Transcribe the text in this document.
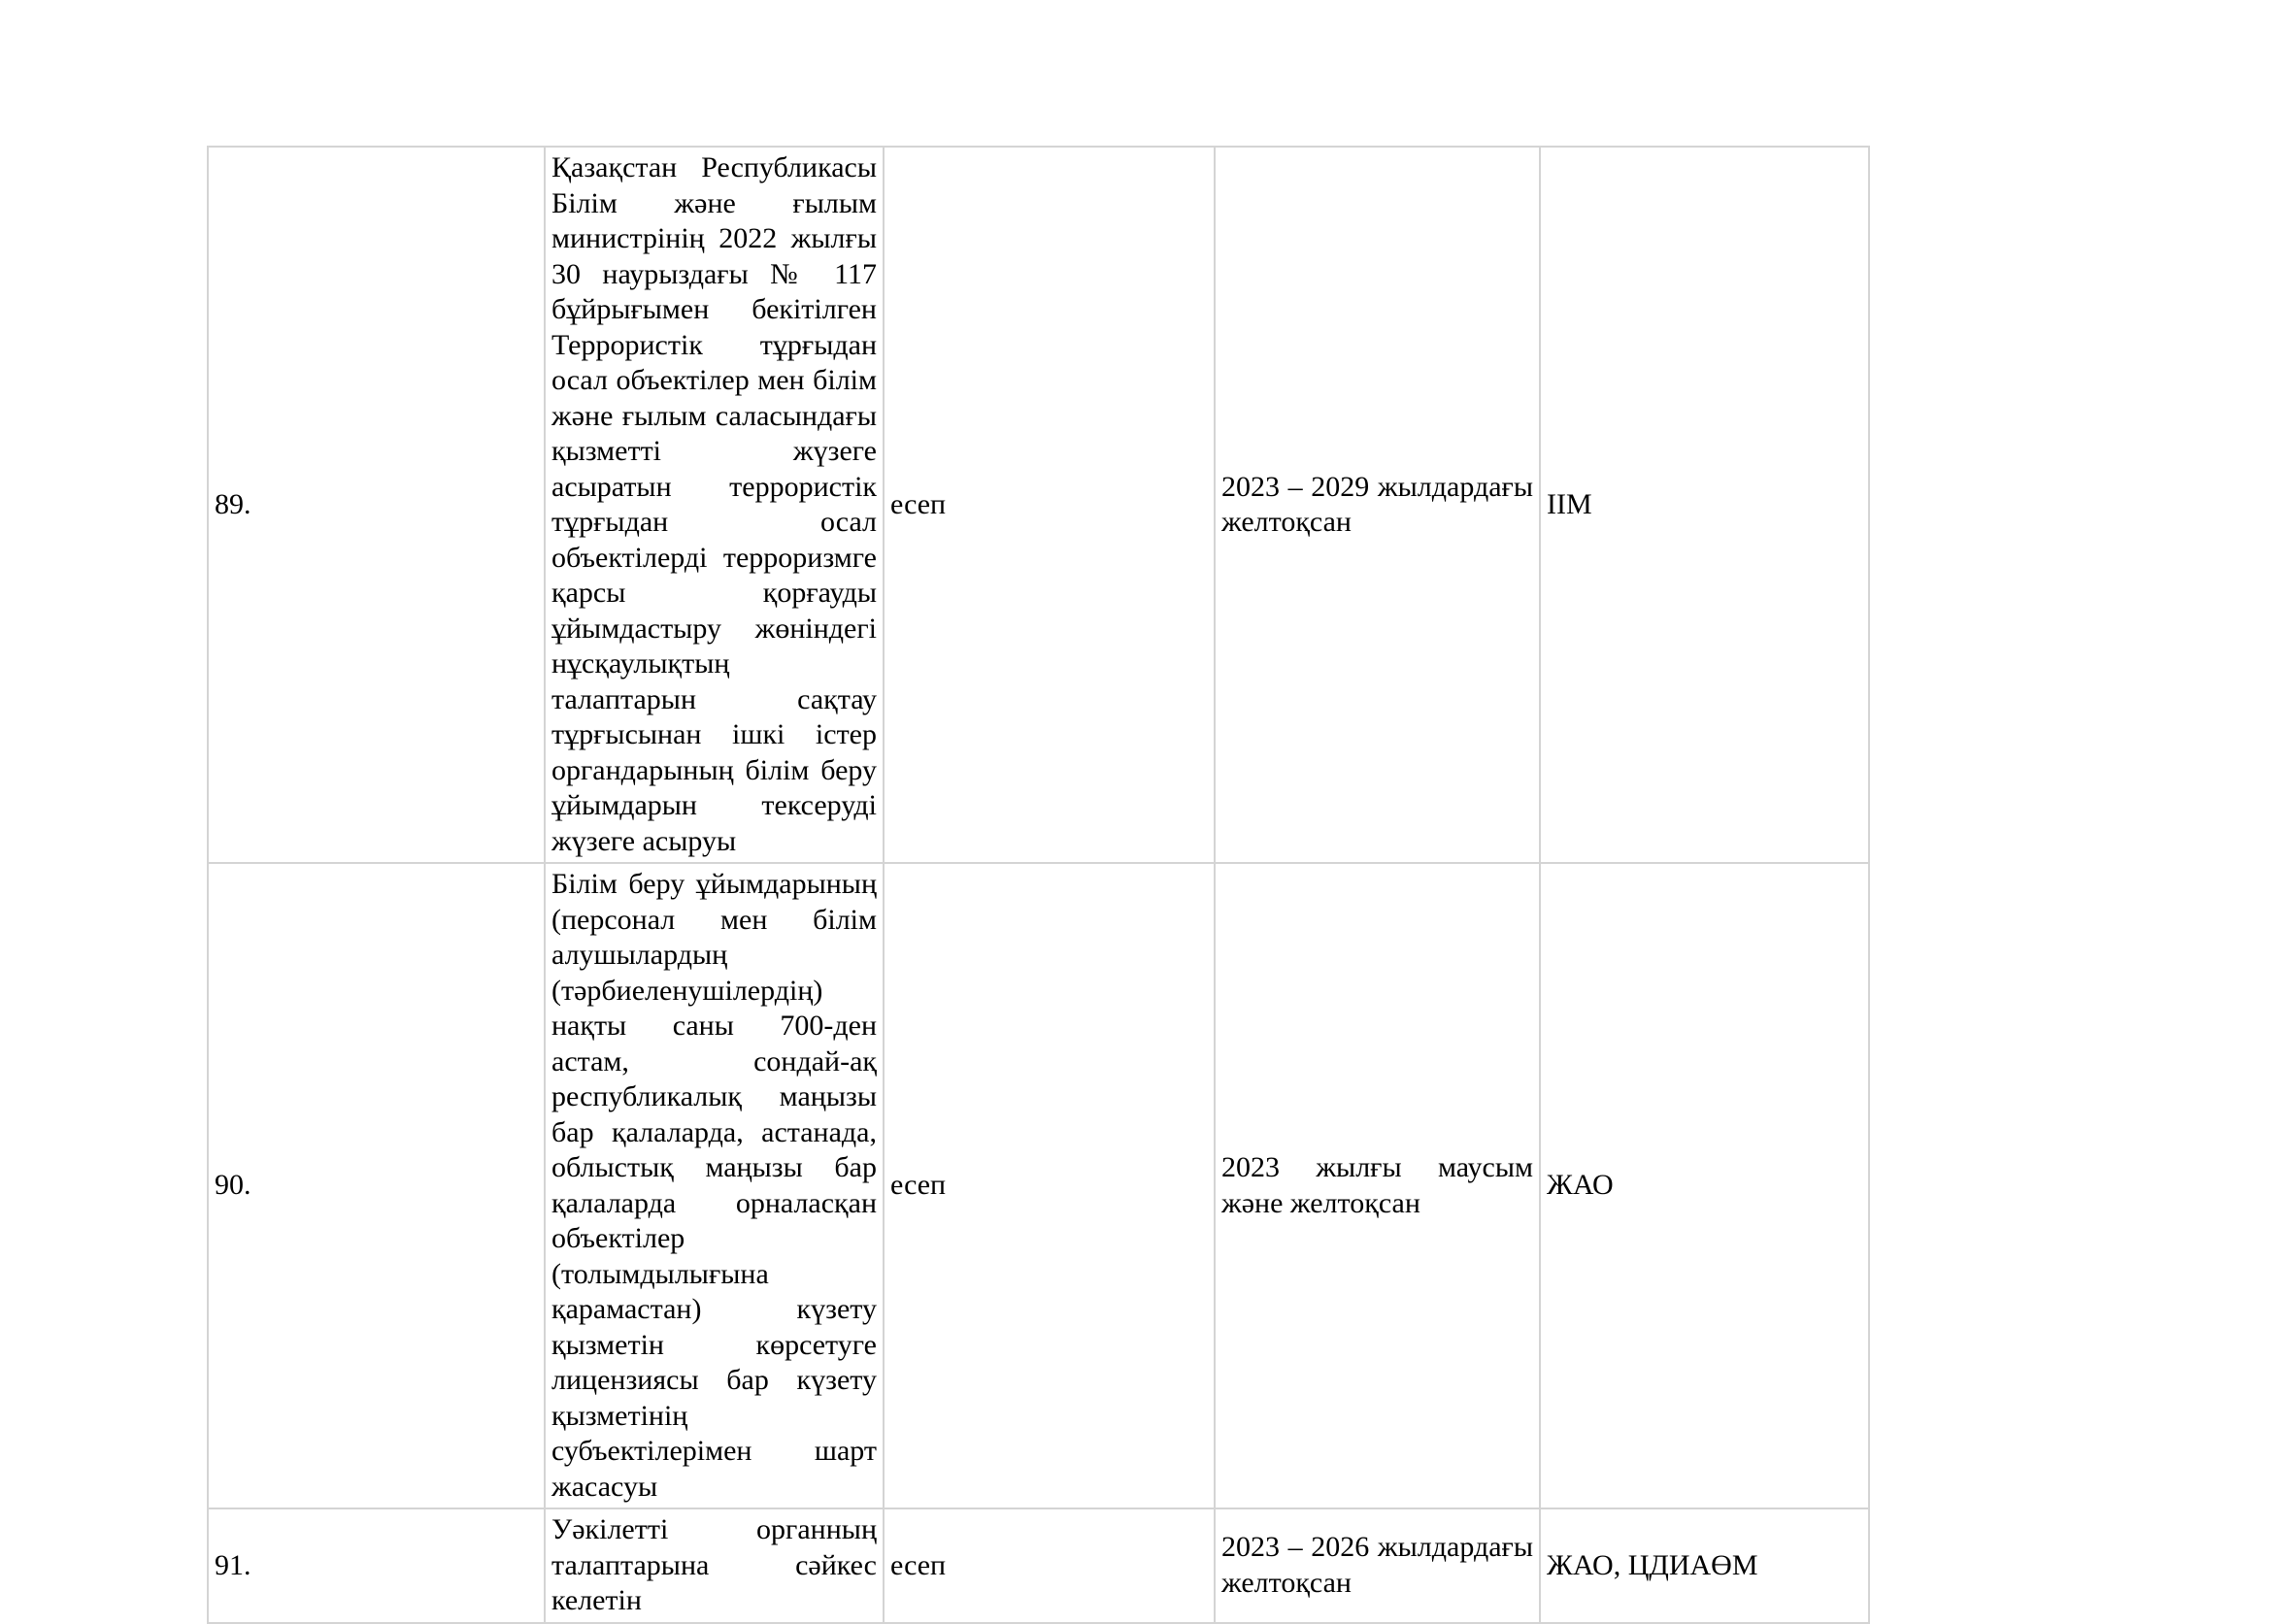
89.	Қазақстан Республикасы Білім және ғылым министрінің 2022 жылғы 30 наурыздағы № 117 бұйрығымен бекітілген Террористік тұрғыдан осал объектілер мен білім және ғылым саласындағы қызметті жүзеге асыратын террористік тұрғыдан осал объектілерді терроризмге қарсы қорғауды ұйымдастыру жөніндегі нұсқаулықтың талаптарын сақтау тұрғысынан ішкі істер органдарының білім беру ұйымдарын тексеруді жүзеге асыруы	есеп	2023 – 2029 жылдардағы желтоқсан	ІІМ
90.	Білім беру ұйымдарының (персонал мен білім алушылардың (тәрбиеленушілердің) нақты саны 700-ден астам, сондай-ақ республикалық маңызы бар қалаларда, астанада, облыстық маңызы бар қалаларда орналасқан объектілер (толымдылығына қарамастан) күзету қызметін көрсетуге лицензиясы бар күзету қызметінің субъектілерімен шарт жасасуы	есеп	2023 жылғы маусым және желтоқсан	ЖАО
91.	Уәкілетті органның талаптарына сәйкес келетін	есеп	2023 – 2026 жылдардағы желтоқсан	ЖАО, ЦДИАӨМ
